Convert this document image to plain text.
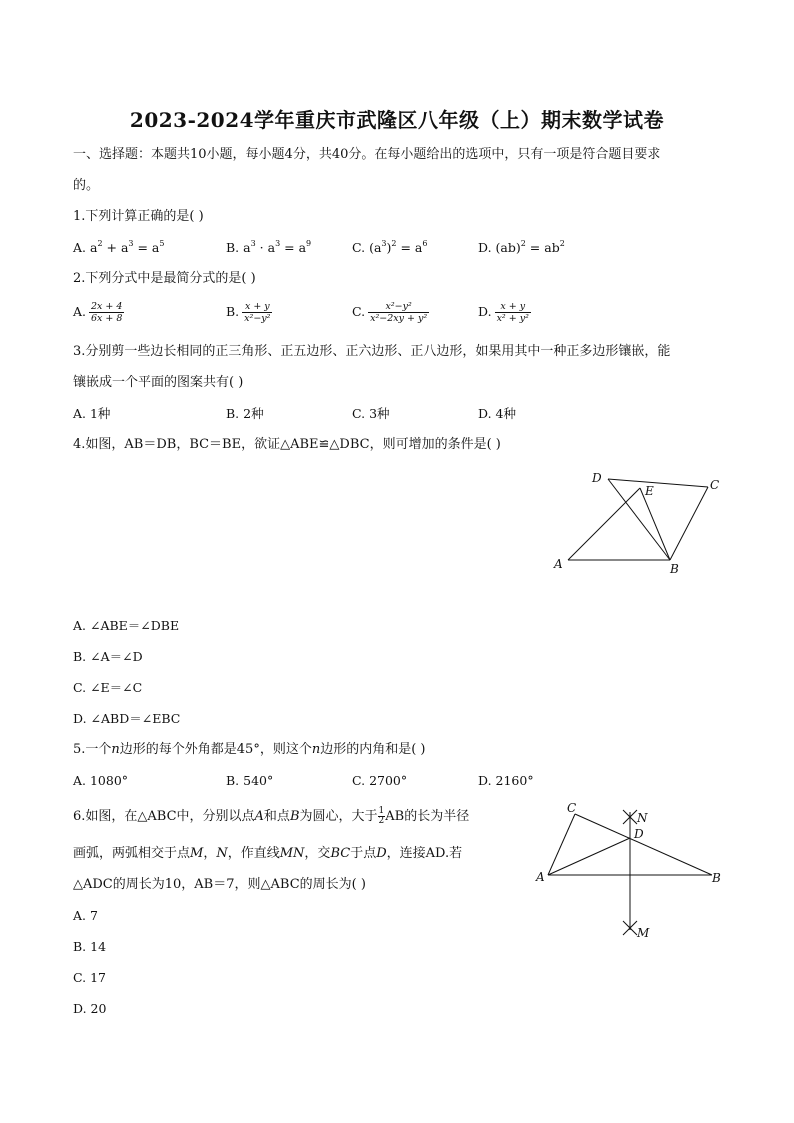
2023-2024学年重庆市武隆区八年级（上）期末数学试卷
一、选择题：本题共10小题，每小题4分，共40分。在每小题给出的选项中，只有一项是符合题目要求
的。
1.下列计算正确的是( )
A. $a^2 + a^3 = a^5$	B. $a^3 \cdot a^3 = a^9$	C. $(a^3)^2 = a^6$	D. $(ab)^2 = ab^2$
2.下列分式中是最简分式的是( )
A. $\frac{2x + 4}{6x + 8}$	B. $\frac{x + y}{\text{x²−y²}}$	C. $\frac{\text{x²−y²}}{\text{x²−2xy + y²}}$	D. $\frac{x + y}{\text{x² + y²}}$
3.分别剪一些边长相同的正三角形、正五边形、正六边形、正八边形，如果用其中一种正多边形镶嵌，能
镶嵌成一个平面的图案共有( )
A. 1种	B. 2种	C. 3种	D. 4种
4.如图，AB＝DB，BC＝BE，欲证△ABE≌△DBC，则可增加的条件是( )
D
E	C
A	B
A. ∠ABE＝∠DBE
B. ∠A＝∠D
C. ∠E＝∠C
D. ∠ABD＝∠EBC
5.一个n边形的每个外角都是45°，则这个n边形的内角和是( )
A. 1080°	B. 540°	C. 2700°	D. 2160°
6.如图，在△ABC中，分别以点A和点B为圆心，大于 $\frac{1}{2}$ AB的长为半径
画弧，两弧相交于点M，N，作直线MN，交BC于点D，连接AD.若
△ADC的周长为10，AB＝7，则△ABC的周长为( )
C
N
D
A	B
M
A. 7
B. 14
C. 17
D. 20
